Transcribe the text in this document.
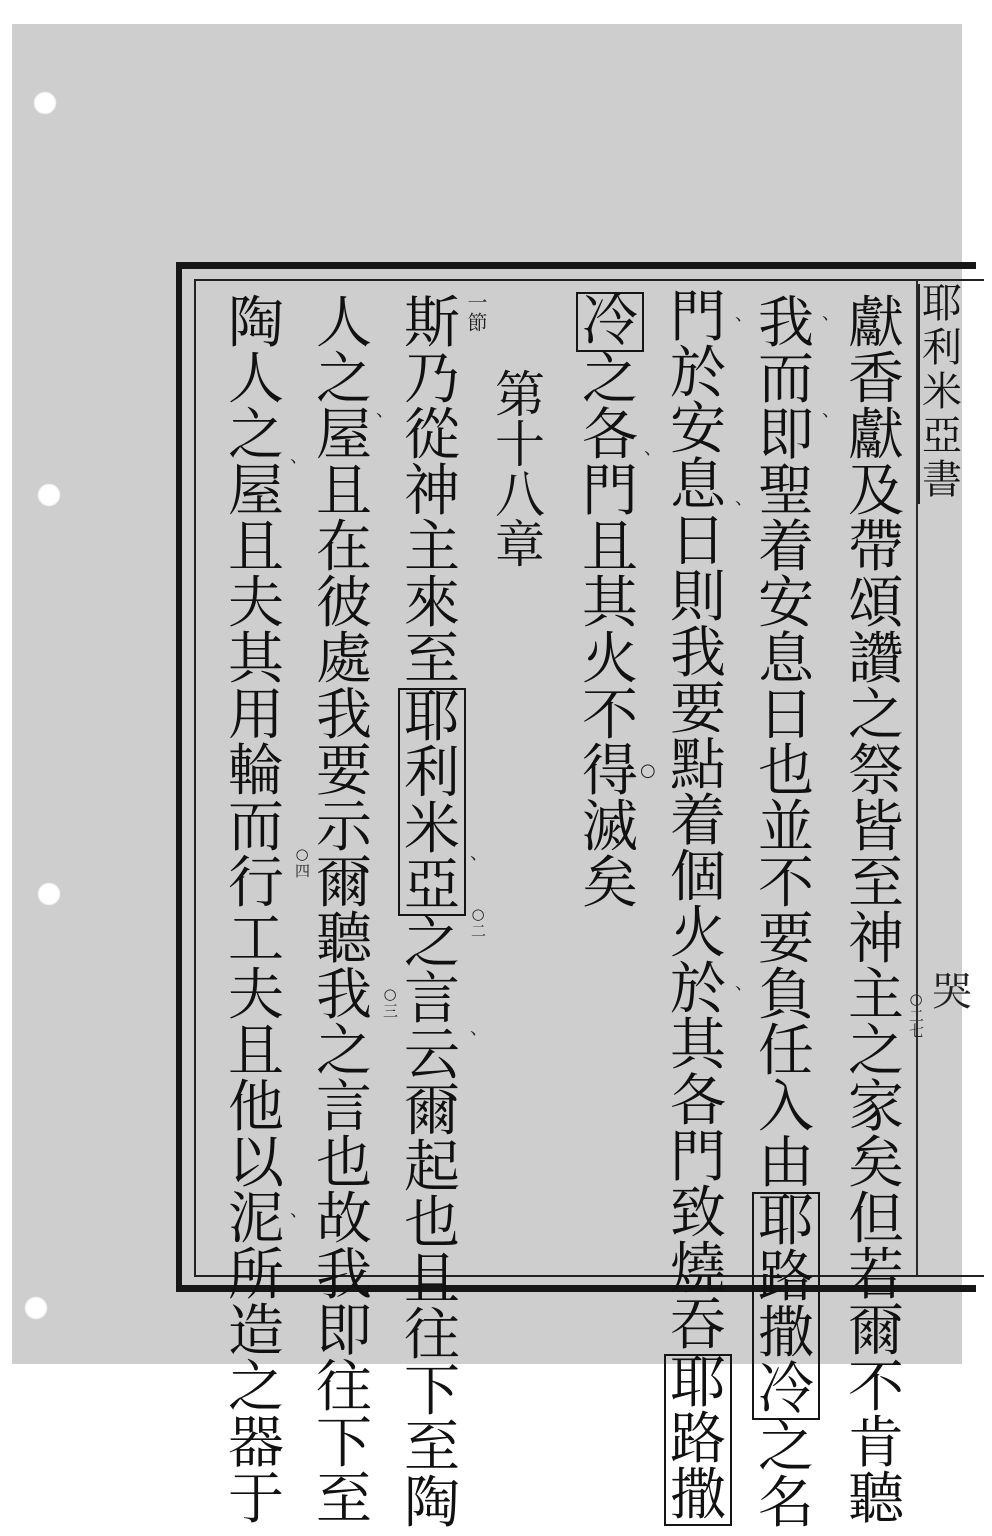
耶
利
米
亞
書
哭
獻
香
獻
及
帶
頌
讚
之
祭
皆
至
神
主
之
家
矣
但
若
爾
不
肯
聽
我
而
即
聖
着
安
息
日
也
並
不
要
負
任
入
由
耶
路
撒
冷
之
名
門
於
安
息
日
則
我
要
點
着
個
火
於
其
各
門
致
燒
吞
耶
路
撒
冷
之
各
門
且
其
火
不
得
滅
矣
第
十
八
章
一節
斯
乃
從
神
主
來
至
耶
利
米
亞
之
言
云
爾
起
也
且
往
下
至
陶
人
之
屋
且
在
彼
處
我
要
示
爾
聽
我
之
言
也
故
我
即
往
下
至
陶
人
之
屋
且
夫
其
用
輪
而
行
工
夫
且
他
以
泥
所
造
之
器
于
○二七
○二
○三
○四
、
、
、
、
、
、
○
、
、
、
、
、
